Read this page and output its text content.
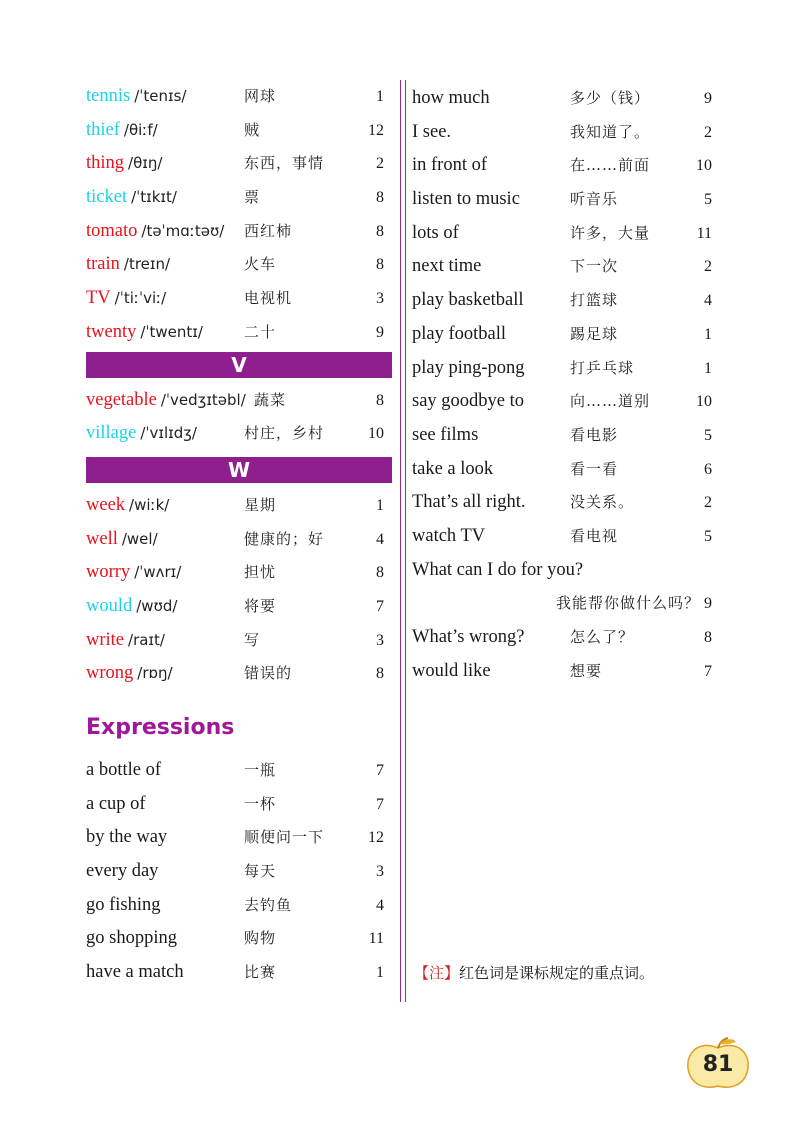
tennis /ˈtenɪs/	网球	1
thief /θiːf/	贼	12
thing /θɪŋ/	东西，事情	2
ticket /ˈtɪkɪt/	票	8
tomato /təˈmɑːtəʊ/ 西红柿	8
train /treɪn/	火车	8
TV /ˈtiːˈviː/	电视机	3
twenty /ˈtwentɪ/	二十	9
V
vegetable /ˈvedʒɪtəbl/ 蔬菜	8
village /ˈvɪlɪdʒ/	村庄，乡村	10
W
week /wiːk/	星期	1
well /wel/	健康的；好	4
worry /ˈwʌrɪ/	担忧	8
would /wʊd/	将要	7
write /raɪt/	写	3
wrong /rɒŋ/	错误的	8
Expressions
a bottle of	一瓶	7
a cup of	一杯	7
by the way	顺便问一下	12
every day	每天	3
go fishing	去钓鱼	4
go shopping	购物	11
have a match	比赛	1
how much	多少（钱）	9
I see.	我知道了。	2
in front of	在……前面	10
listen to music	听音乐	5
lots of	许多，大量	11
next time	下一次	2
play basketball	打篮球	4
play football	踢足球	1
play ping-pong	打乒乓球	1
say goodbye to	向……道别	10
see films	看电影	5
take a look	看一看	6
That’s all right.	没关系。	2
watch TV	看电视	5
What can I do for you?
我能帮你做什么吗？ 9
What’s wrong?	怎么了？	8
would like	想要	7
【注】红色词是课标规定的重点词。
81
